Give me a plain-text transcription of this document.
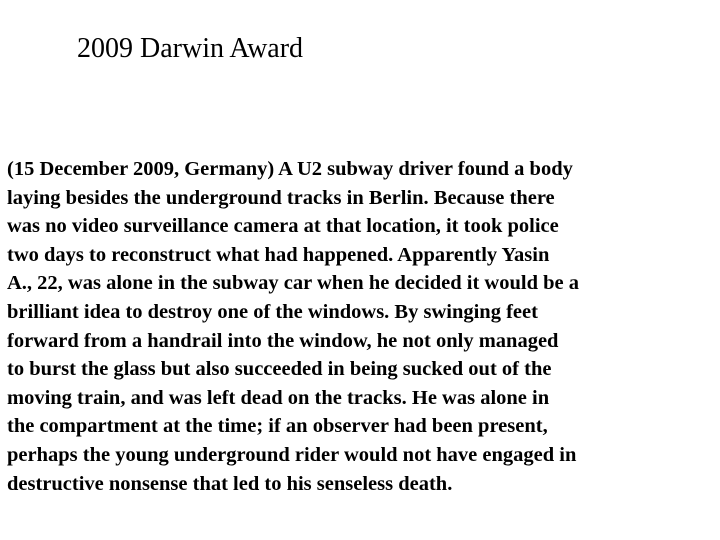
2009 Darwin Award

(15 December 2009, Germany) A U2 subway driver found a body
laying besides the underground tracks in Berlin. Because there
was no video surveillance camera at that location, it took police
two days to reconstruct what had happened. Apparently Yasin
A., 22, was alone in the subway car when he decided it would be a
brilliant idea to destroy one of the windows. By swinging feet
forward from a handrail into the window, he not only managed
to burst the glass but also succeeded in being sucked out of the
moving train, and was left dead on the tracks. He was alone in
the compartment at the time; if an observer had been present,
perhaps the young underground rider would not have engaged in
destructive nonsense that led to his senseless death.
